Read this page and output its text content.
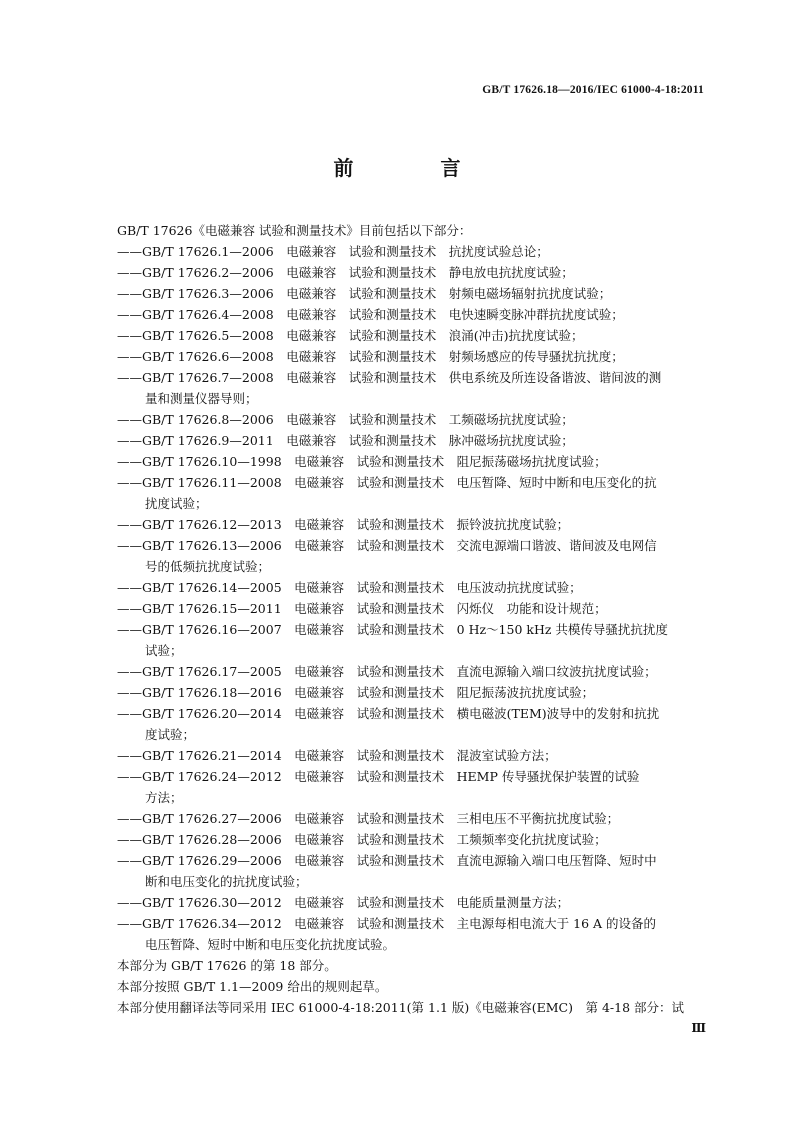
GB/T 17626.18—2016/IEC 61000-4-18:2011
前 言
GB/T 17626《电磁兼容 试验和测量技术》目前包括以下部分：
——GB/T 17626.1—2006　电磁兼容　试验和测量技术　抗扰度试验总论；
——GB/T 17626.2—2006　电磁兼容　试验和测量技术　静电放电抗扰度试验；
——GB/T 17626.3—2006　电磁兼容　试验和测量技术　射频电磁场辐射抗扰度试验；
——GB/T 17626.4—2008　电磁兼容　试验和测量技术　电快速瞬变脉冲群抗扰度试验；
——GB/T 17626.5—2008　电磁兼容　试验和测量技术　浪涌(冲击)抗扰度试验；
——GB/T 17626.6—2008　电磁兼容　试验和测量技术　射频场感应的传导骚扰抗扰度；
——GB/T 17626.7—2008　电磁兼容　试验和测量技术　供电系统及所连设备谐波、谐间波的测
量和测量仪器导则；
——GB/T 17626.8—2006　电磁兼容　试验和测量技术　工频磁场抗扰度试验；
——GB/T 17626.9—2011　电磁兼容　试验和测量技术　脉冲磁场抗扰度试验；
——GB/T 17626.10—1998　电磁兼容　试验和测量技术　阻尼振荡磁场抗扰度试验；
——GB/T 17626.11—2008　电磁兼容　试验和测量技术　电压暂降、短时中断和电压变化的抗
扰度试验；
——GB/T 17626.12—2013　电磁兼容　试验和测量技术　振铃波抗扰度试验；
——GB/T 17626.13—2006　电磁兼容　试验和测量技术　交流电源端口谐波、谐间波及电网信
号的低频抗扰度试验；
——GB/T 17626.14—2005　电磁兼容　试验和测量技术　电压波动抗扰度试验；
——GB/T 17626.15—2011　电磁兼容　试验和测量技术　闪烁仪　功能和设计规范；
——GB/T 17626.16—2007　电磁兼容　试验和测量技术　0 Hz～150 kHz 共模传导骚扰抗扰度
试验；
——GB/T 17626.17—2005　电磁兼容　试验和测量技术　直流电源输入端口纹波抗扰度试验；
——GB/T 17626.18—2016　电磁兼容　试验和测量技术　阻尼振荡波抗扰度试验；
——GB/T 17626.20—2014　电磁兼容　试验和测量技术　横电磁波(TEM)波导中的发射和抗扰
度试验；
——GB/T 17626.21—2014　电磁兼容　试验和测量技术　混波室试验方法；
——GB/T 17626.24—2012　电磁兼容　试验和测量技术　HEMP 传导骚扰保护装置的试验
方法；
——GB/T 17626.27—2006　电磁兼容　试验和测量技术　三相电压不平衡抗扰度试验；
——GB/T 17626.28—2006　电磁兼容　试验和测量技术　工频频率变化抗扰度试验；
——GB/T 17626.29—2006　电磁兼容　试验和测量技术　直流电源输入端口电压暂降、短时中
断和电压变化的抗扰度试验；
——GB/T 17626.30—2012　电磁兼容　试验和测量技术　电能质量测量方法；
——GB/T 17626.34—2012　电磁兼容　试验和测量技术　主电源每相电流大于 16 A 的设备的
电压暂降、短时中断和电压变化抗扰度试验。
本部分为 GB/T 17626 的第 18 部分。
本部分按照 GB/T 1.1—2009 给出的规则起草。
本部分使用翻译法等同采用 IEC 61000-4-18:2011(第 1.1 版)《电磁兼容(EMC)　第 4-18 部分：试
Ⅲ
